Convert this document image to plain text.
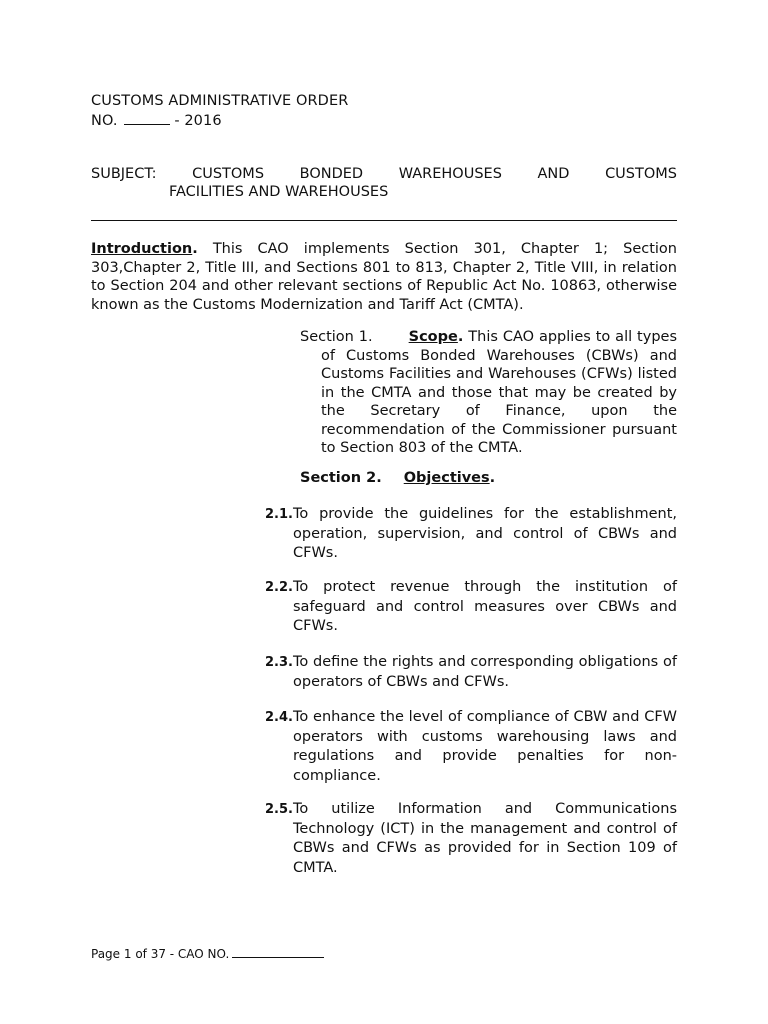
CUSTOMS ADMINISTRATIVE ORDER
NO.	- 2016
SUBJECT: CUSTOMS BONDED WAREHOUSES AND CUSTOMS
FACILITIES AND WAREHOUSES
Introduction. This CAO implements Section 301, Chapter 1; Section 303,Chapter 2, Title III, and Sections 801 to 813, Chapter 2, Title VIII, in relation to Section 204 and other relevant sections of Republic Act No. 10863, otherwise known as the Customs Modernization and Tariff Act (CMTA).
Section 1. Scope. This CAO applies to all types of Customs Bonded Warehouses (CBWs) and Customs Facilities and Warehouses (CFWs) listed in the CMTA and those that may be created by the Secretary of Finance, upon the recommendation of the Commissioner pursuant to Section 803 of the CMTA.
Section 2. Objectives.
2.1. To provide the guidelines for the establishment, operation, supervision, and control of CBWs and CFWs.
2.2. To protect revenue through the institution of safeguard and control measures over CBWs and CFWs.
2.3. To define the rights and corresponding obligations of operators of CBWs and CFWs.
2.4. To enhance the level of compliance of CBW and CFW operators with customs warehousing laws and regulations and provide penalties for non-compliance.
2.5. To utilize Information and Communications Technology (ICT) in the management and control of CBWs and CFWs as provided for in Section 109 of CMTA.
Page 1 of 37 - CAO NO.
